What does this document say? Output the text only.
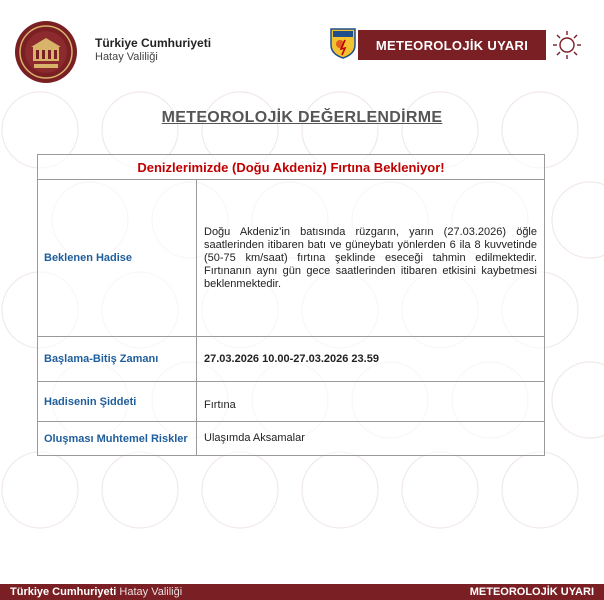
Türkiye Cumhuriyeti
Hatay Valiliği
METEOROLOJİK UYARI
METEOROLOJİK DEĞERLENDİRME
Denizlerimizde (Doğu Akdeniz) Fırtına Bekleniyor!	
Beklenen Hadise	Doğu Akdeniz’in batısında rüzgarın, yarın (27.03.2026) öğle saatlerinden itibaren batı ve güneybatı yönlerden 6 ila 8 kuvvetinde (50-75 km/saat) fırtına şeklinde eseceği tahmin edilmektedir. Fırtınanın aynı gün gece saatlerinden itibaren etkisini kaybetmesi beklenmektedir.
Başlama-Bitiş Zamanı	27.03.2026 10.00-27.03.2026 23.59
Hadisenin Şiddeti	Fırtına
Oluşması Muhtemel Riskler	Ulaşımda Aksamalar
Türkiye Cumhuriyeti Hatay Valiliği	METEOROLOJİK UYARI
